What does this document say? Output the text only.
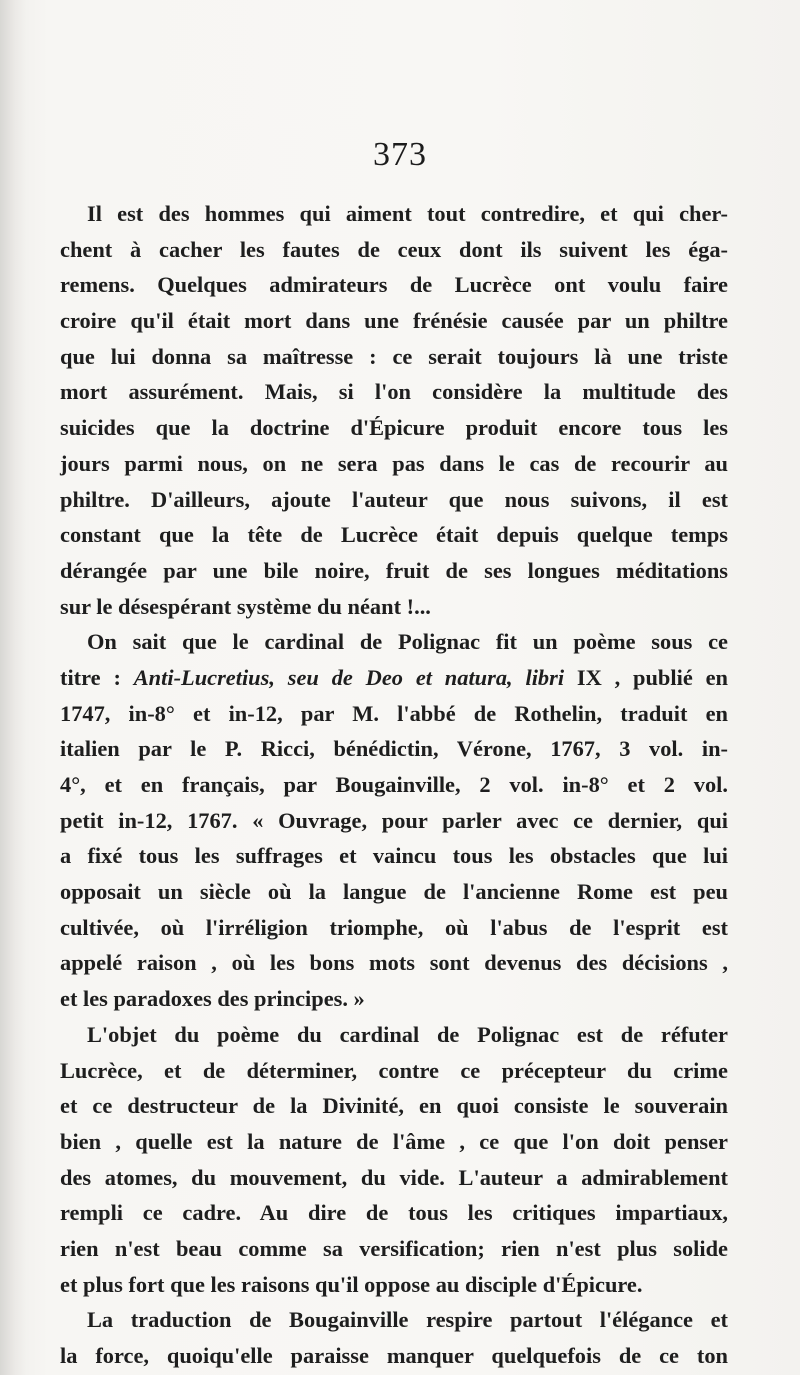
373
Il est des hommes qui aiment tout contredire, et qui cher-
chent à cacher les fautes de ceux dont ils suivent les éga-
remens. Quelques admirateurs de Lucrèce ont voulu faire
croire qu'il était mort dans une frénésie causée par un philtre
que lui donna sa maîtresse : ce serait toujours là une triste
mort assurément. Mais, si l'on considère la multitude des
suicides que la doctrine d'Épicure produit encore tous les
jours parmi nous, on ne sera pas dans le cas de recourir au
philtre. D'ailleurs, ajoute l'auteur que nous suivons, il est
constant que la tête de Lucrèce était depuis quelque temps
dérangée par une bile noire, fruit de ses longues méditations
sur le désespérant système du néant !...
On sait que le cardinal de Polignac fit un poème sous ce
titre : Anti-Lucretius, seu de Deo et natura, libri IX , publié en
1747, in-8° et in-12, par M. l'abbé de Rothelin, traduit en
italien par le P. Ricci, bénédictin, Vérone, 1767, 3 vol. in-
4°, et en français, par Bougainville, 2 vol. in-8° et 2 vol.
petit in-12, 1767. « Ouvrage, pour parler avec ce dernier, qui
a fixé tous les suffrages et vaincu tous les obstacles que lui
opposait un siècle où la langue de l'ancienne Rome est peu
cultivée, où l'irréligion triomphe, où l'abus de l'esprit est
appelé raison , où les bons mots sont devenus des décisions ,
et les paradoxes des principes. »
L'objet du poème du cardinal de Polignac est de réfuter
Lucrèce, et de déterminer, contre ce précepteur du crime
et ce destructeur de la Divinité, en quoi consiste le souverain
bien , quelle est la nature de l'âme , ce que l'on doit penser
des atomes, du mouvement, du vide. L'auteur a admirablement
rempli ce cadre. Au dire de tous les critiques impartiaux,
rien n'est beau comme sa versification; rien n'est plus solide
et plus fort que les raisons qu'il oppose au disciple d'Épicure.
La traduction de Bougainville respire partout l'élégance et
la force, quoiqu'elle paraisse manquer quelquefois de ce ton
